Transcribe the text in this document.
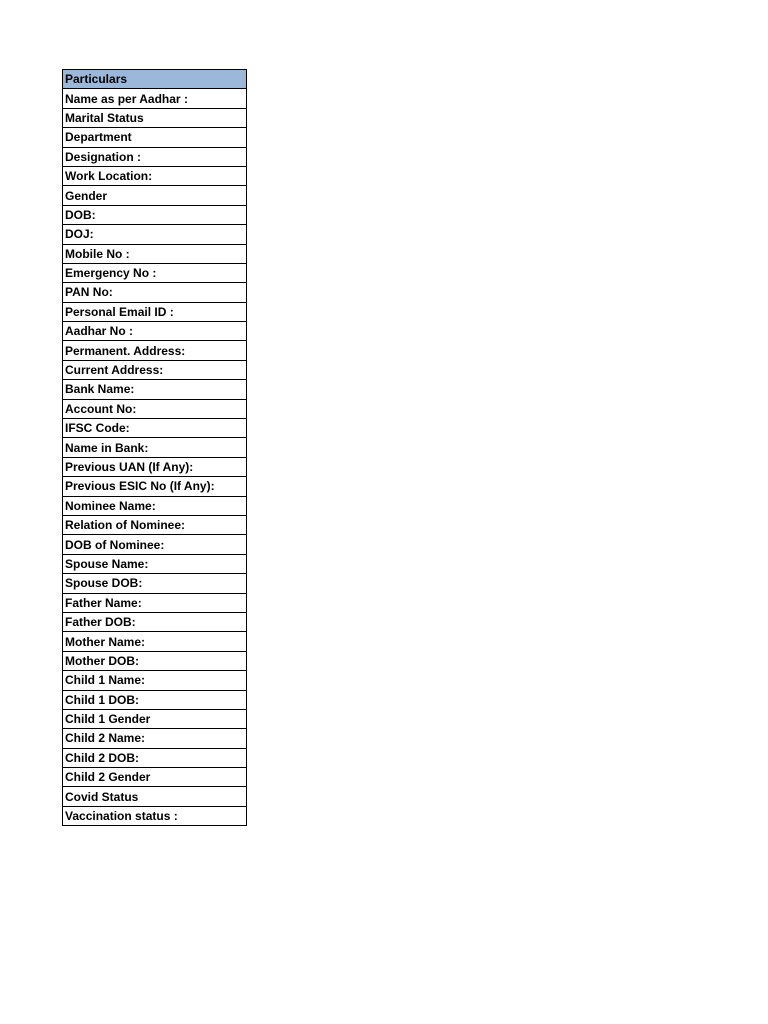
Particulars
Name as per Aadhar :
Marital Status
Department
Designation :
Work Location:
Gender
DOB:
DOJ:
Mobile No :
Emergency No :
PAN No:
Personal Email ID :
Aadhar No :
Permanent. Address:
Current Address:
Bank Name:
Account No:
IFSC Code:
Name in Bank:
Previous UAN (If Any):
Previous ESIC No (If Any):
Nominee Name:
Relation of Nominee:
DOB of Nominee:
Spouse Name:
Spouse DOB:
Father Name:
Father DOB:
Mother Name:
Mother DOB:
Child 1 Name:
Child 1 DOB:
Child 1 Gender
Child 2 Name:
Child 2 DOB:
Child 2 Gender
Covid Status
Vaccination status :
